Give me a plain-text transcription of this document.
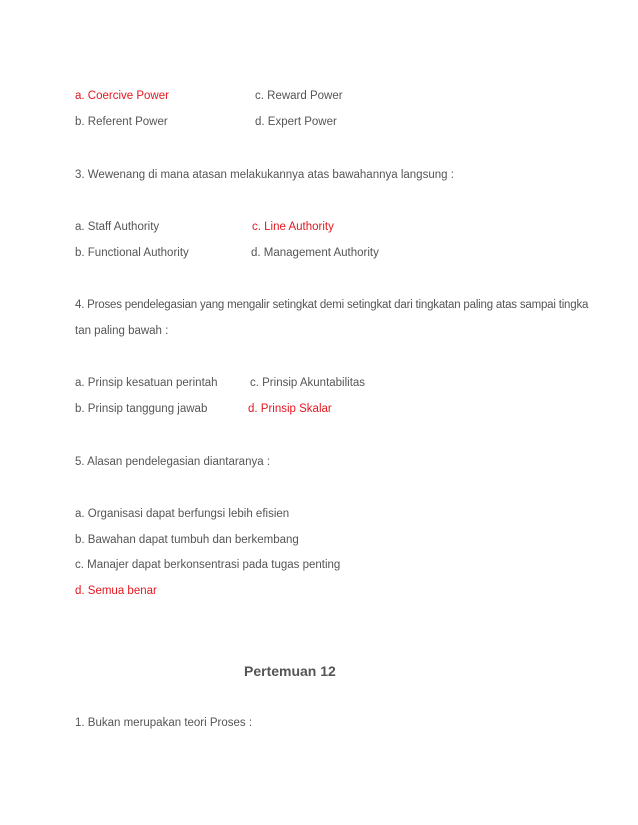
a. Coercive Power	c. Reward Power
b. Referent Power	d. Expert Power
3. Wewenang di mana atasan melakukannya atas bawahannya langsung :
a. Staff Authority	c. Line Authority
b. Functional Authority	d. Management Authority
4. Proses pendelegasian yang mengalir setingkat demi setingkat dari tingkatan paling atas sampai tingka
tan paling bawah :
a. Prinsip kesatuan perintah	c. Prinsip Akuntabilitas
b. Prinsip tanggung jawab	d. Prinsip Skalar
5. Alasan pendelegasian diantaranya :
a. Organisasi dapat berfungsi lebih efisien
b. Bawahan dapat tumbuh dan berkembang
c. Manajer dapat berkonsentrasi pada tugas penting
d. Semua benar
Pertemuan 12
1. Bukan merupakan teori Proses :
